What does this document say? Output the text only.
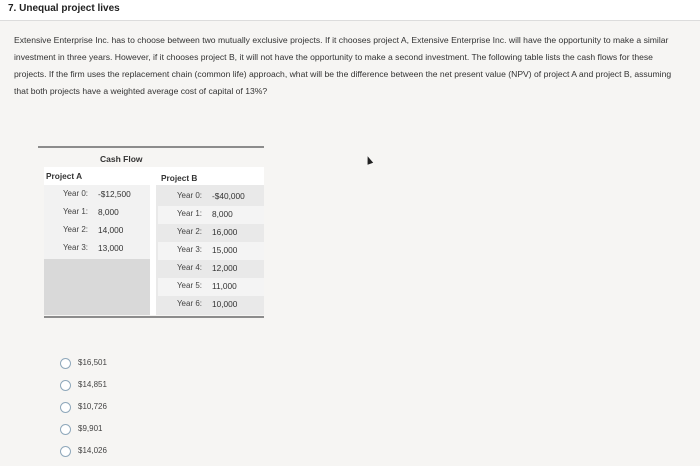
7. Unequal project lives
Extensive Enterprise Inc. has to choose between two mutually exclusive projects. If it chooses project A, Extensive Enterprise Inc. will have the opportunity to make a similar investment in three years. However, if it chooses project B, it will not have the opportunity to make a second investment. The following table lists the cash flows for these projects. If the firm uses the replacement chain (common life) approach, what will be the difference between the net present value (NPV) of project A and project B, assuming that both projects have a weighted average cost of capital of 13%?
Cash Flow
Project A	Project B
Year 0: -$12,500
Year 1: 8,000
Year 2: 14,000
Year 3: 13,000
Year 0: -$40,000
Year 1: 8,000
Year 2: 16,000
Year 3: 15,000
Year 4: 12,000
Year 5: 11,000
Year 6: 10,000
$16,501
$14,851
$10,726
$9,901
$14,026
